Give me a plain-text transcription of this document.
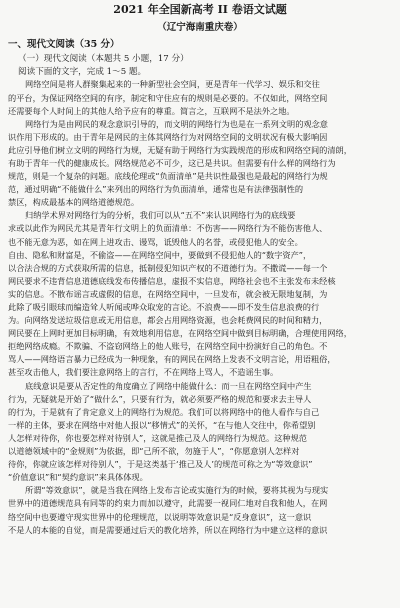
2021 年全国新高考 II 卷语文试题
（辽宁海南重庆卷）
一、现代文阅读（35 分）
（一）现代文阅读（本题共 5 小题，17 分）
阅读下面的文字，完成 1～5 题。
网络空间是将人群聚集起来的一种新型社会空间，更是青年一代学习、娱乐和交往
的平台，为保证网络空间的有序，制定和守住应有的规则是必要的。不仅如此，网络空间
还需要每个人时间上的其他人给予应有的尊重。简言之，互联网不是法外之地。
网络行为是由网民的观念意识引导的，而文明的网络行为也是在一系列文明的观念意
识作用下形成的。由于青年是网民的主体其网络行为对网络空间的文明状况有极大影响因
此应引导他们树立文明的网络行为规，无疑有助于网络行为实践规范的形成和网络空间的清朗，
有助于青年一代的健康成长。网络规范必不可少，这已是共识。但需要有什么样的网络行为
规范，则是一个复杂的问题。底线伦理或“负面清单”是共识性最强也是最起的网络行为规
范，通过明确“不能做什么”来列出的网络行为负面清单，通常也是有法律强制性的
禁区，构成最基本的网络道德规范。
归纳学术界对网络行为的分析，我们可以从“五不”来认识网络行为的底线要
求或以此作为网民尤其是青年行文明上的负面清单：不伤害——网络行为不能伤害他人、
也不能无意为恶，如在网上进攻击、谩骂，诋毁他人的名誉，或侵犯他人的安全。
自由、隐私和财富是，不偷盗——在网络空间中，要做到不侵犯他人的“数字资产”，
以合法合规的方式获取所需的信息，抵制侵犯知识产权的不道德行为。不撒谎——每一个
网民要求不违背信息道德底线发布传播信息，虚报不实信息，网络社会也不主张发布未经核
实的信息。不散布谣言或虚假的信息，在网络空间中，一旦发布，就会被无限地复制，为
此除了吸引眼球而编造耸人听闻或哗众取宠的言论。不浪费——即不发生信息浪费的行
为。向网络发送垃圾信息或无用信息，都会占用网络资源，也会耗费网民的时间和精力，
网民要在上网时更加目标明确，有效地利用信息，在网络空间中做到目标明确，合理使用网络，
拒绝网络成瘾。不欺骗、不盗窃网络上的他人账号，在网络空间中扮演好自己的角色。不
骂人——网络语言暴力已经成为一种现象，有的网民在网络上发表不文明言论，用语粗俗，
甚至攻击他人，我们要注意网络上的言行，不在网络上骂人，不造谣生事。
底线意识是要从否定性的角度确立了网络中能做什么：而一旦在网络空间中产生
行为，无疑就是开始了“做什么”，只要有行为，就必须要严格的规范和要求去主导人
的行为，于是就有了肯定意义上的网络行为规范。我们可以将网络中的他人看作与自己
一样的主体，要求在网络中对他人报以“移情式”的关怀，“在与他人交往中，你希望别
人怎样对待你，你也要怎样对待别人”，这就是推己及人的网络行为规范。这种规范
以道德领域中的“金规则”为依据，即“己所不欲，勿施于人”，“你愿意别人怎样对
待你，你就应该怎样对待别人”，于是这类基于‘推己及人’的规范可称之为“等效意识”
“价值意识”和“契约意识”来具体体现。
所谓“等效意识”，就是当我在网络上发布言论或实施行为的时候，要将其视为与现实
世界中的道德规范具有同等的约束力而加以遵守，此需要一视同仁地对自我和他人，在网
络空间中也要遵守现实世界中的伦理规范，以说明等效意识是“反身意识”，这一意识
不是人的本能的自觉，而是需要通过后天的教化培养，所以在网络行为中建立这样的意识
